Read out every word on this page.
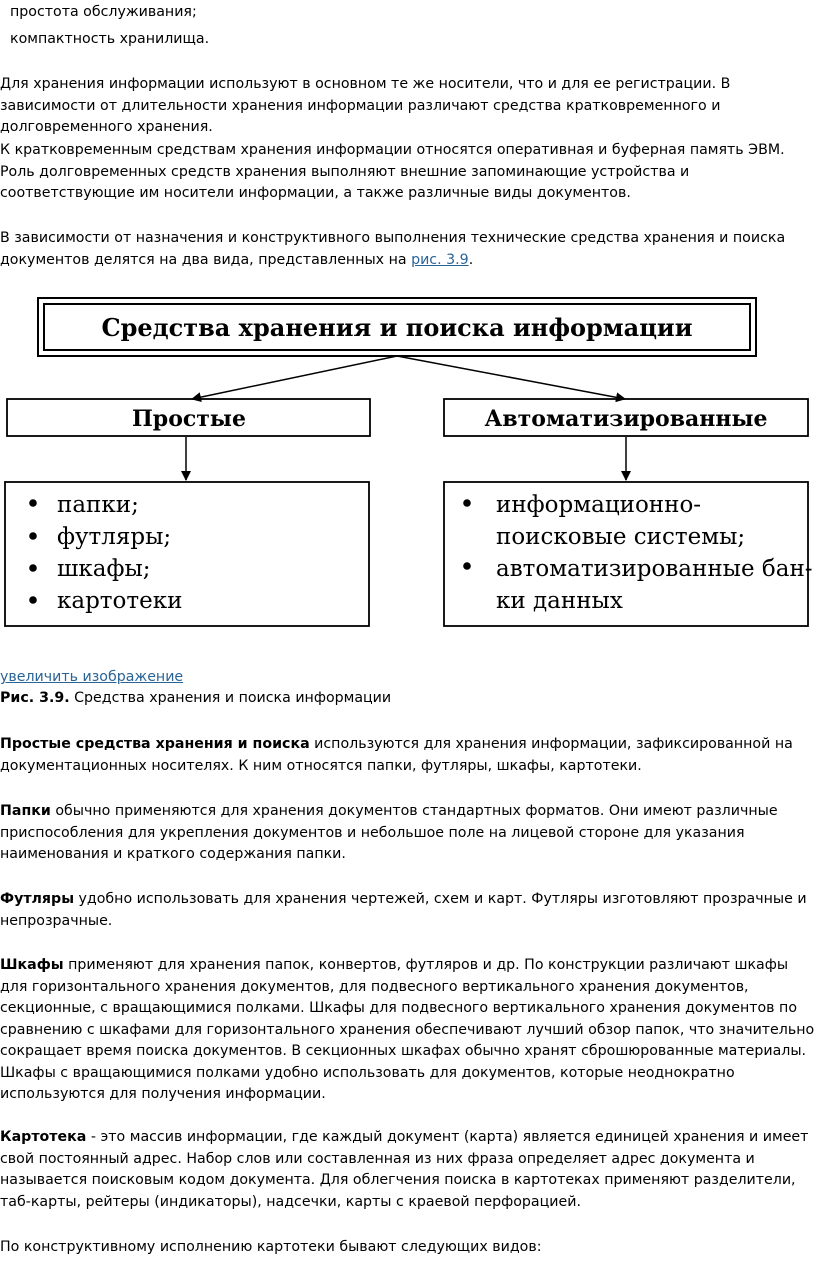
простота обслуживания;

компактность хранилища.

Для хранения информации используют в основном те же носители, что и для ее регистрации. В зависимости от длительности хранения информации различают средства кратковременного и долговременного хранения.

К кратковременным средствам хранения информации относятся оперативная и буферная память ЭВМ. Роль долговременных средств хранения выполняют внешние запоминающие устройства и соответствующие им носители информации, а также различные виды документов.

В зависимости от назначения и конструктивного выполнения технические средства хранения и поиска документов делятся на два вида, представленных на рис. 3.9.

Средства хранения и поиска информации
Простые	Автоматизированные
папки;
футляры;
шкафы;
картотеки
информационно-
поисковые системы;
автоматизированные бан-
ки данных

увеличить изображение

Рис. 3.9. Средства хранения и поиска информации

Простые средства хранения и поиска используются для хранения информации, зафиксированной на документационных носителях. К ним относятся папки, футляры, шкафы, картотеки.

Папки обычно применяются для хранения документов стандартных форматов. Они имеют различные приспособления для укрепления документов и небольшое поле на лицевой стороне для указания наименования и краткого содержания папки.

Футляры удобно использовать для хранения чертежей, схем и карт. Футляры изготовляют прозрачные и непрозрачные.

Шкафы применяют для хранения папок, конвертов, футляров и др. По конструкции различают шкафы для горизонтального хранения документов, для подвесного вертикального хранения документов, секционные, с вращающимися полками. Шкафы для подвесного вертикального хранения документов по сравнению с шкафами для горизонтального хранения обеспечивают лучший обзор папок, что значительно сокращает время поиска документов. В секционных шкафах обычно хранят сброшюрованные материалы. Шкафы с вращающимися полками удобно использовать для документов, которые неоднократно используются для получения информации.

Картотека - это массив информации, где каждый документ (карта) является единицей хранения и имеет свой постоянный адрес. Набор слов или составленная из них фраза определяет адрес документа и называется поисковым кодом документа. Для облегчения поиска в картотеках применяют разделители, таб-карты, рейтеры (индикаторы), надсечки, карты с краевой перфорацией.

По конструктивному исполнению картотеки бывают следующих видов:
